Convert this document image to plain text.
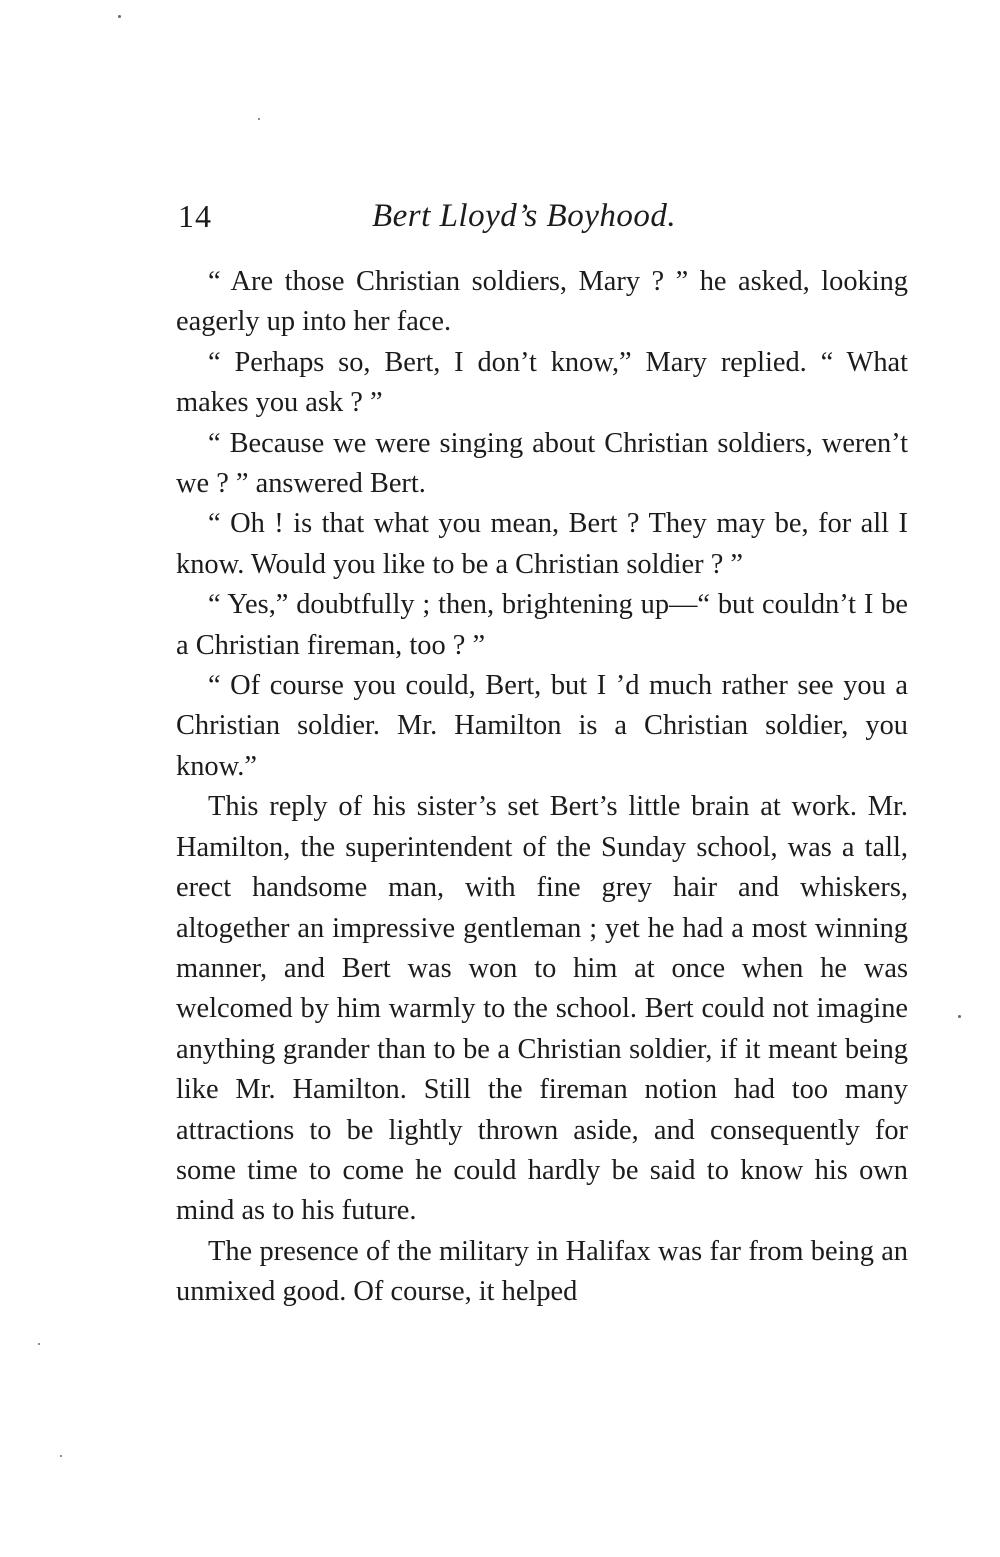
14	Bert Lloyd’s Boyhood.

“ Are those Christian soldiers, Mary ? ” he asked, looking eagerly up into her face.

“ Perhaps so, Bert, I don’t know,” Mary replied. “ What makes you ask ? ”

“ Because we were singing about Christian soldiers, weren’t we ? ” answered Bert.

“ Oh ! is that what you mean, Bert ? They may be, for all I know. Would you like to be a Christian soldier ? ”

“ Yes,” doubtfully ; then, brightening up—“ but couldn’t I be a Christian fireman, too ? ”

“ Of course you could, Bert, but I ’d much rather see you a Christian soldier. Mr. Hamilton is a Christian soldier, you know.”

This reply of his sister’s set Bert’s little brain at work. Mr. Hamilton, the superintendent of the Sunday school, was a tall, erect handsome man, with fine grey hair and whiskers, altogether an impressive gentleman ; yet he had a most winning manner, and Bert was won to him at once when he was welcomed by him warmly to the school. Bert could not imagine anything grander than to be a Christian soldier, if it meant being like Mr. Hamilton. Still the fireman notion had too many attractions to be lightly thrown aside, and consequently for some time to come he could hardly be said to know his own mind as to his future.

The presence of the military in Halifax was far from being an unmixed good. Of course, it helped
